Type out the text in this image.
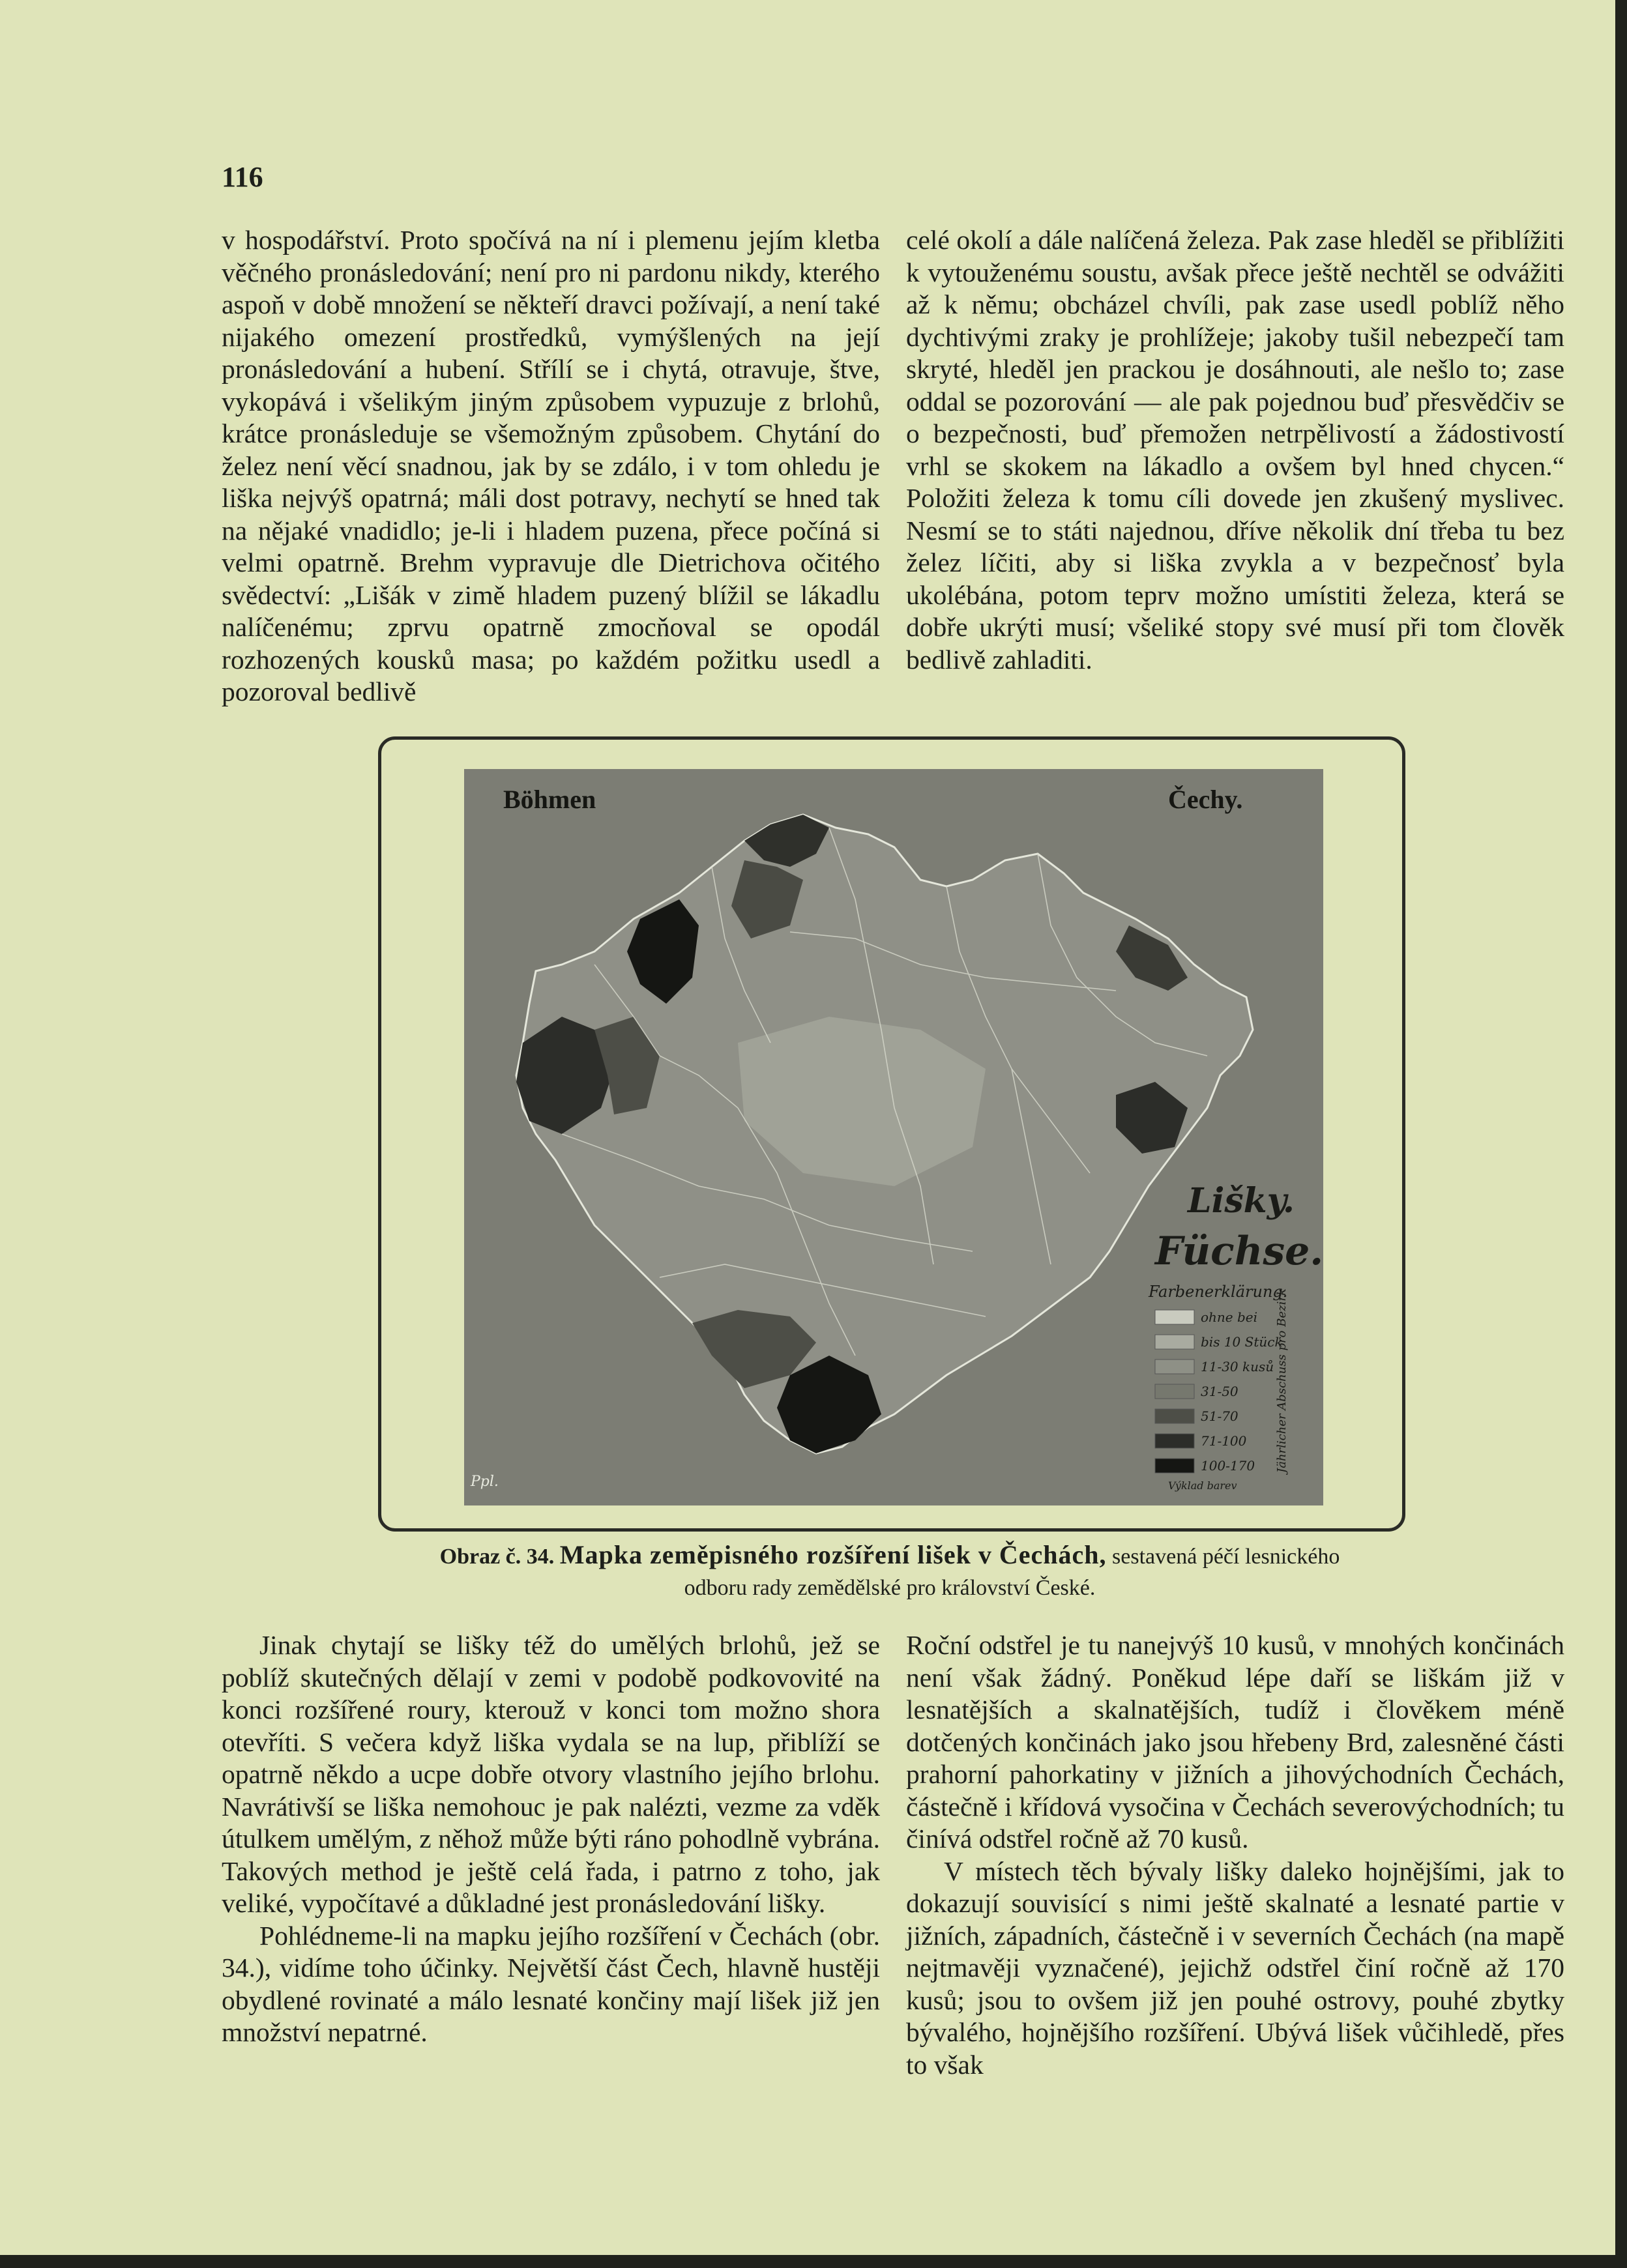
116

v hospodářství. Proto spočívá na ní i plemenu jejím kletba věčného pronásledování; není pro ni pardonu nikdy, kterého aspoň v době množení se někteří dravci požívají, a není také nijakého omezení prostředků, vymýšlených na její pronásledování a hubení. Střílí se i chytá, otravuje, štve, vykopává i všelikým jiným způsobem vypuzuje z brlohů, krátce pronásleduje se všemožným způsobem. Chytání do želez není věcí snadnou, jak by se zdálo, i v tom ohledu je liška nejvýš opatrná; máli dost potravy, nechytí se hned tak na nějaké vnadidlo; je-li i hladem puzena, přece počíná si velmi opatrně. Brehm vypravuje dle Dietrichova očitého svědectví: „Lišák v zimě hladem puzený blížil se lákadlu nalíčenému; zprvu opatrně zmocňoval se opodál rozhozených kousků masa; po každém požitku usedl a pozoroval bedlivě

celé okolí a dále nalíčená železa. Pak zase hleděl se přiblížiti k vytouženému soustu, avšak přece ještě nechtěl se odvážiti až k němu; obcházel chvíli, pak zase usedl poblíž něho dychtivými zraky je prohlížeje; jakoby tušil nebezpečí tam skryté, hleděl jen prackou je dosáhnouti, ale nešlo to; zase oddal se pozorování — ale pak pojednou buď přesvědčiv se o bezpečnosti, buď přemožen netrpělivostí a žádostivostí vrhl se skokem na lákadlo a ovšem byl hned chycen.“ Položiti železa k tomu cíli dovede jen zkušený myslivec. Nesmí se to státi najednou, dříve několik dní třeba tu bez želez líčiti, aby si liška zvykla a v bezpečnosť byla ukolébána, potom teprv možno umístiti železa, která se dobře ukrýti musí; všeliké stopy své musí při tom člověk bedlivě zahladiti.

Böhmen	Čechy.
Lišky.
Füchse.
Farbenerklärung.
ohne bei
bis 10 Stück
11-30 kusů
31-50
51-70
71-100
100-170 Jährlicher Abschuss pro Bezirk
Výklad barev
Ppl.
Obraz č. 34. Mapka zeměpisného rozšíření lišek v Čechách, sestavená péčí lesnického
odboru rady zemědělské pro království České.

Jinak chytají se lišky též do umělých brlohů, jež se poblíž skutečných dělají v zemi v podobě podkovovité na konci rozšířené roury, kterouž v konci tom možno shora otevříti. S večera když liška vydala se na lup, přiblíží se opatrně někdo a ucpe dobře otvory vlastního jejího brlohu. Navrátivší se liška nemohouc je pak nalézti, vezme za vděk útulkem umělým, z něhož může býti ráno pohodlně vybrána. Takových method je ještě celá řada, i patrno z toho, jak veliké, vypočítavé a důkladné jest pronásledování lišky.

Pohlédneme-li na mapku jejího rozšíření v Čechách (obr. 34.), vidíme toho účinky. Největší část Čech, hlavně hustěji obydlené rovinaté a málo lesnaté končiny mají lišek již jen množství nepatrné.

Roční odstřel je tu nanejvýš 10 kusů, v mnohých končinách není však žádný. Poněkud lépe daří se liškám již v lesnatějších a skalnatějších, tudíž i člověkem méně dotčených končinách jako jsou hřebeny Brd, zalesněné části prahorní pahorkatiny v jižních a jihovýchodních Čechách, částečně i křídová vysočina v Čechách severovýchodních; tu činívá odstřel ročně až 70 kusů.

V místech těch bývaly lišky daleko hojnějšími, jak to dokazují souvisící s nimi ještě skalnaté a lesnaté partie v jižních, západních, částečně i v severních Čechách (na mapě nejtmavěji vyznačené), jejichž odstřel činí ročně až 170 kusů; jsou to ovšem již jen pouhé ostrovy, pouhé zbytky bývalého, hojnějšího rozšíření. Ubývá lišek vůčihledě, přes to však
